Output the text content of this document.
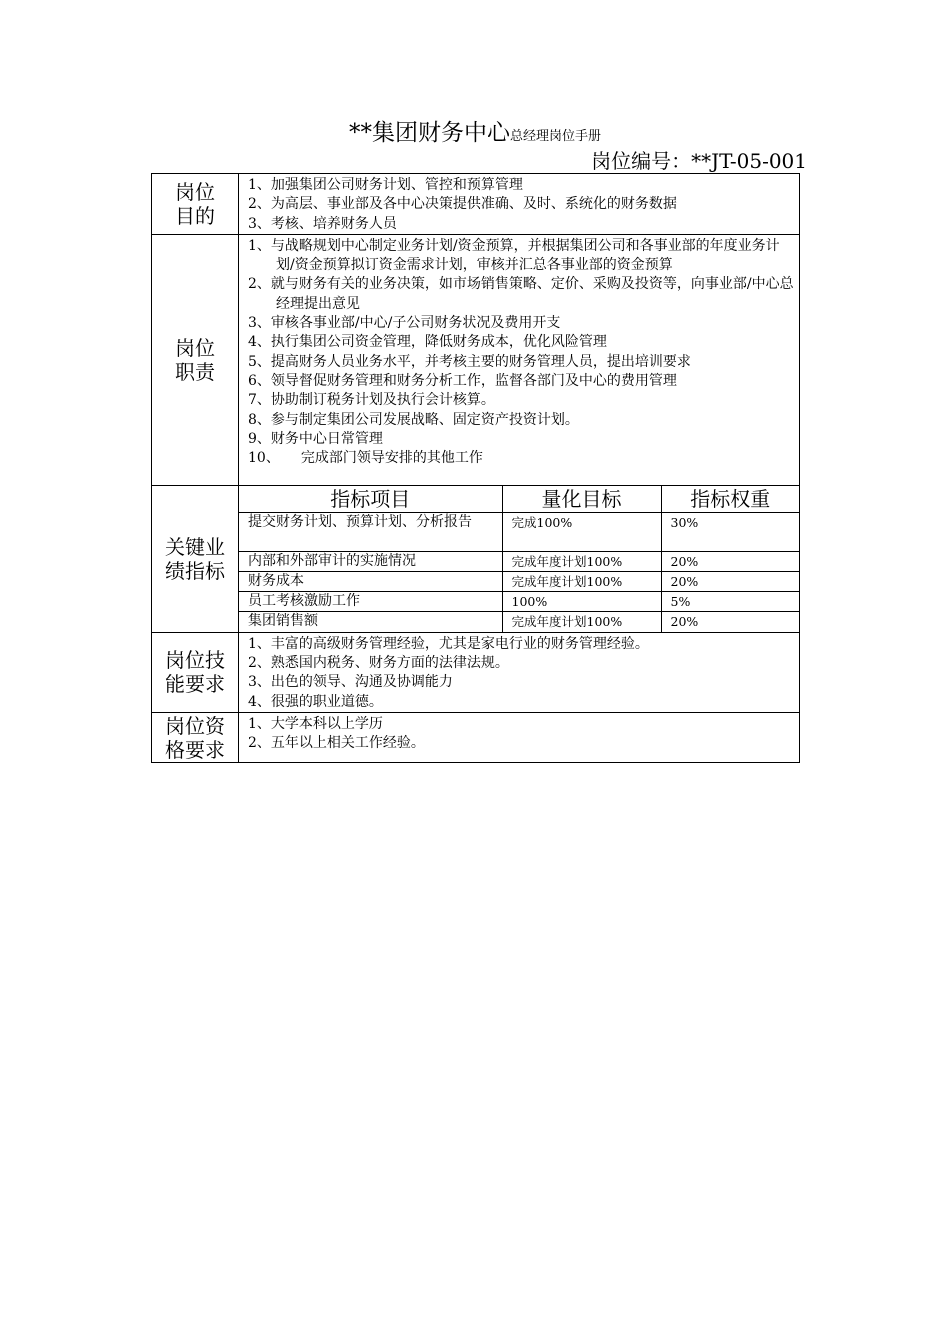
**集团财务中心总经理岗位手册
岗位编号：**JT-05-001
岗位目的

1、加强集团公司财务计划、管控和预算管理
2、为高层、事业部及各中心决策提供准确、及时、系统化的财务数据
3、考核、培养财务人员

岗位职责

1、与战略规划中心制定业务计划/资金预算，并根据集团公司和各事业部的年度业务计划/资金预算拟订资金需求计划，审核并汇总各事业部的资金预算
2、就与财务有关的业务决策，如市场销售策略、定价、采购及投资等，向事业部/中心总经理提出意见
3、审核各事业部/中心/子公司财务状况及费用开支
4、执行集团公司资金管理，降低财务成本，优化风险管理
5、提高财务人员业务水平，并考核主要的财务管理人员，提出培训要求
6、领导督促财务管理和财务分析工作，监督各部门及中心的费用管理
7、协助制订税务计划及执行会计核算。
8、参与制定集团公司发展战略、固定资产投资计划。
9、财务中心日常管理
10、　　完成部门领导安排的其他工作

关键业绩指标

指标项目	量化目标	指标权重
提交财务计划、预算计划、分析报告	完成100%	30%
内部和外部审计的实施情况	完成年度计划100%	20%
财务成本	完成年度计划100%	20%
员工考核激励工作	100%	5%
集团销售额	完成年度计划100%	20%

岗位技能要求

1、丰富的高级财务管理经验，尤其是家电行业的财务管理经验。
2、熟悉国内税务、财务方面的法律法规。
3、出色的领导、沟通及协调能力
4、很强的职业道德。

岗位资格要求

1、大学本科以上学历
2、五年以上相关工作经验。
